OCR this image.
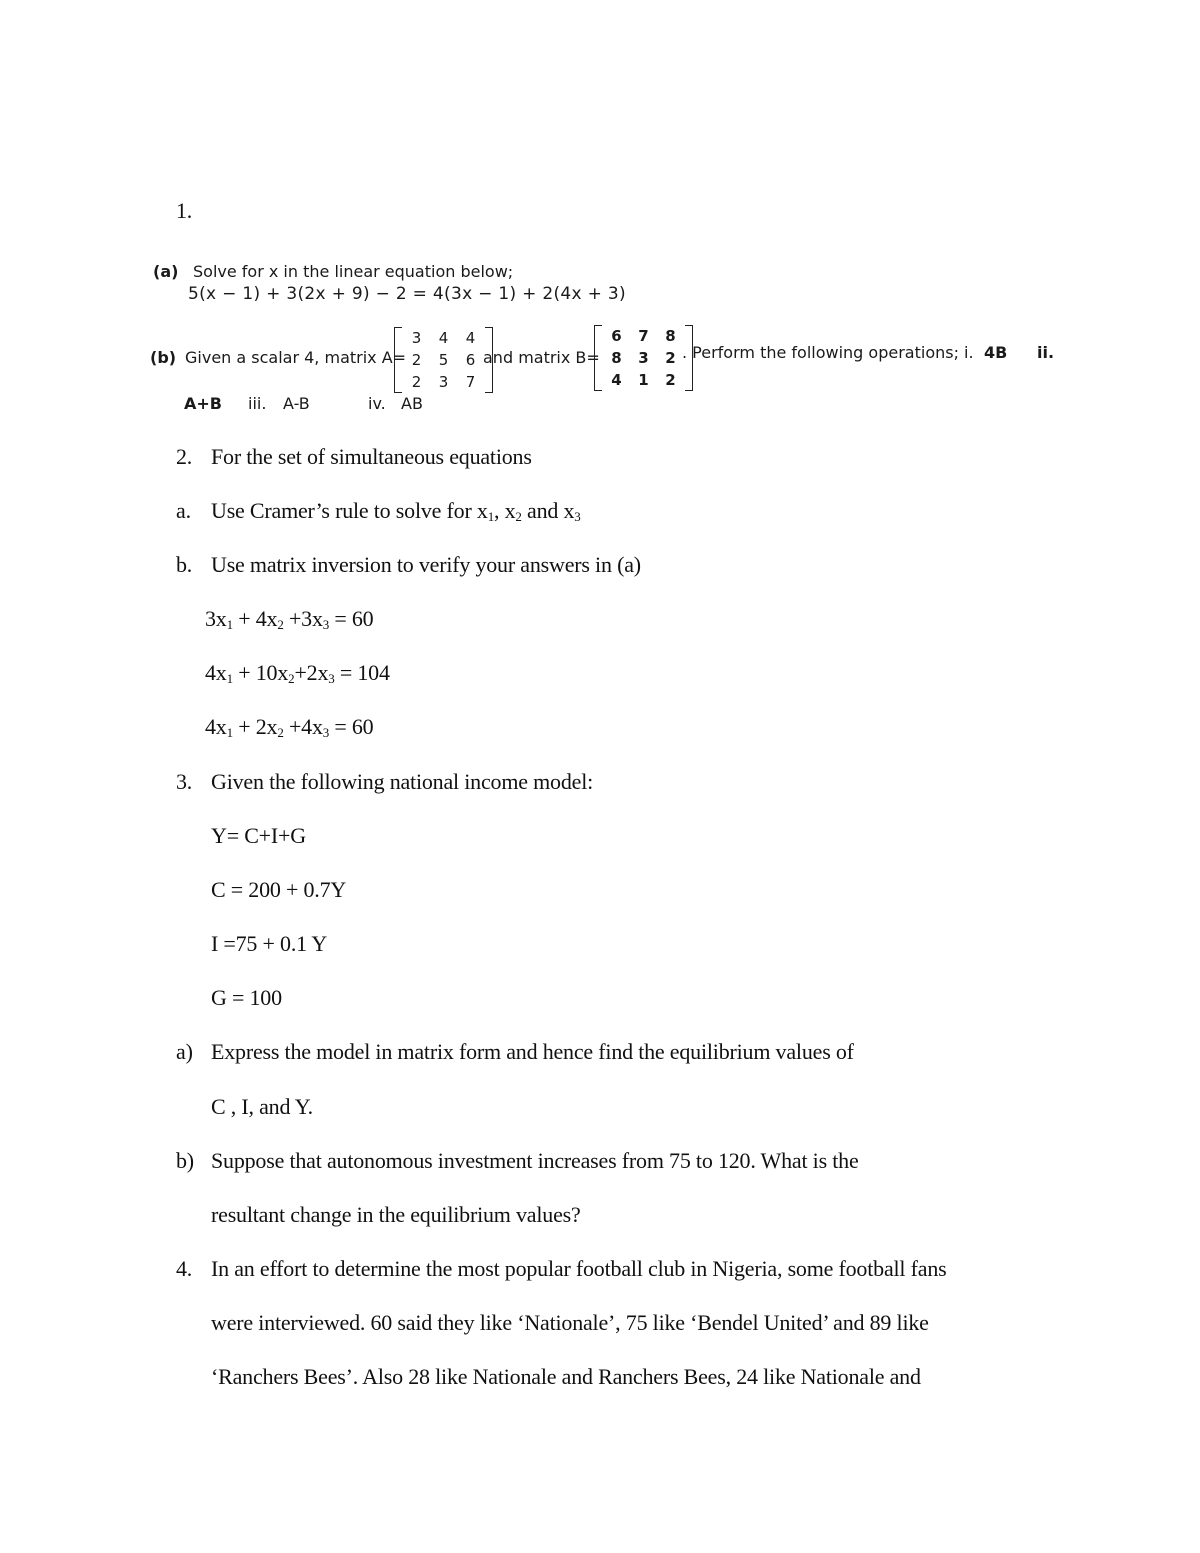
1.
(a) Solve for x in the linear equation below;
5(x − 1) + 3(2x + 9) − 2 = 4(3x − 1) + 2(4x + 3)
(b) Given a scalar 4, matrix A=
3	4	4
2	5	6
2	3	7
and matrix B=
6	7	8
8	3	2
4	1	2
. Perform the following operations; i. 4B ii.
A+B iii. A-B	iv. AB
2. For the set of simultaneous equations
a. Use Cramer’s rule to solve for $x_1$, $x_2$ and $x_3$
b. Use matrix inversion to verify your answers in (a)
$3x_1 + 4x_2 +3x_3 = 60$
$4x_1 + 10x_2+2x_3 = 104$
$4x_1 + 2x_2 +4x_3 = 60$
3. Given the following national income model:
Y= C+I+G
C = 200 + 0.7Y
I =75 + 0.1 Y
G = 100
a) Express the model in matrix form and hence find the equilibrium values of
C , I, and Y.
b) Suppose that autonomous investment increases from 75 to 120. What is the
resultant change in the equilibrium values?
4. In an effort to determine the most popular football club in Nigeria, some football fans
were interviewed. 60 said they like ‘Nationale’, 75 like ‘Bendel United’ and 89 like
‘Ranchers Bees’. Also 28 like Nationale and Ranchers Bees, 24 like Nationale and
